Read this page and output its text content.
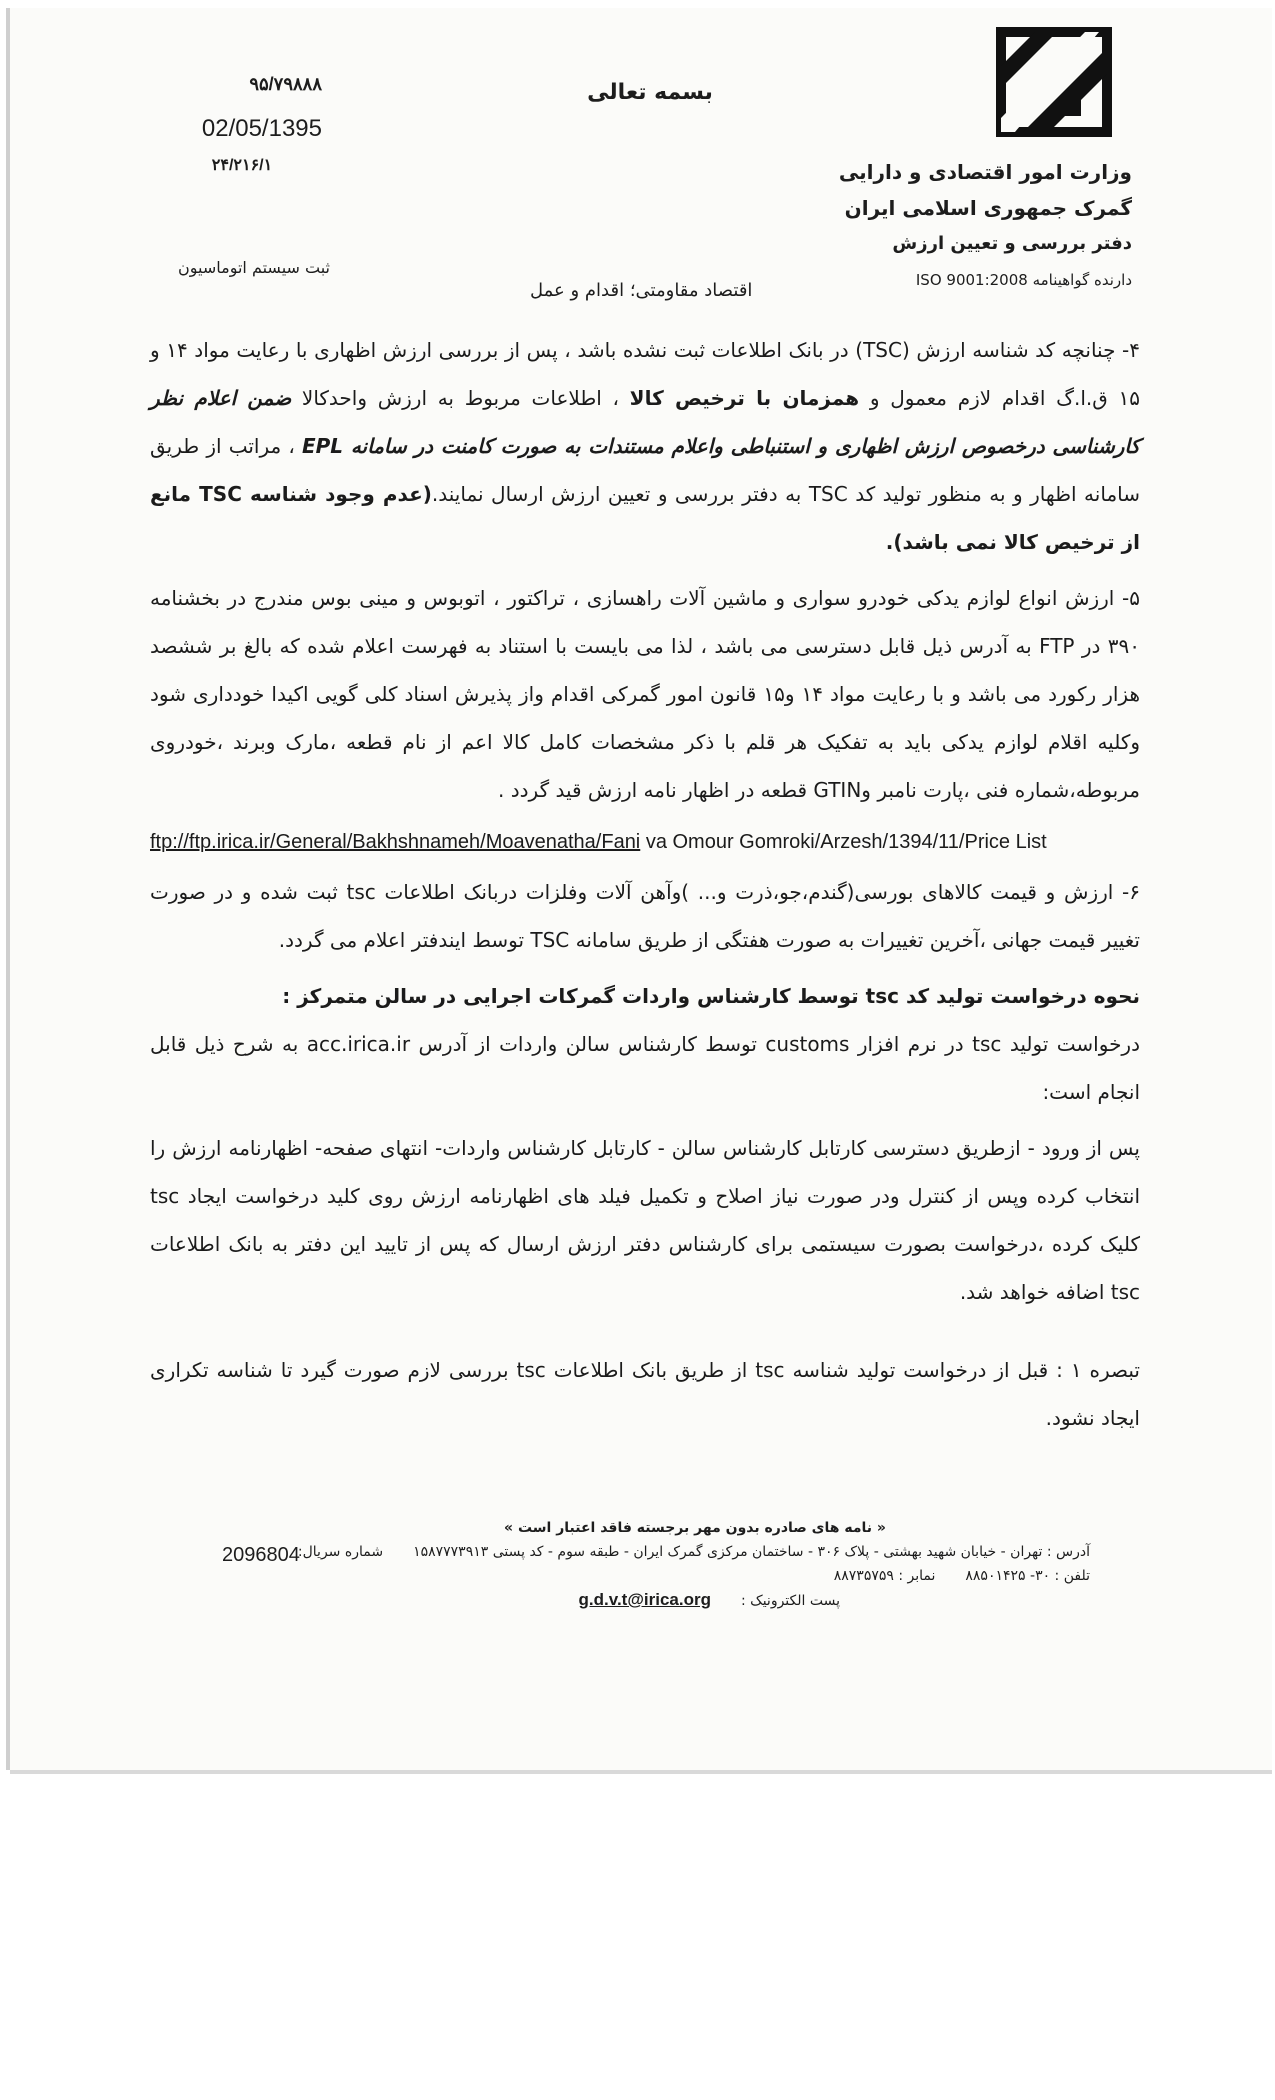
بسمه تعالی
۹۵/۷۹۸۸۸
02/05/1395
۲۴/۲۱۶/۱
ثبت سیستم اتوماسیون
وزارت امور اقتصادی و دارایی
گمرک جمهوری اسلامی ایران
دفتر بررسی و تعیین ارزش
دارنده گواهینامه ISO 9001:2008
اقتصاد مقاومتی؛ اقدام و عمل

۴- چنانچه کد شناسه ارزش (TSC) در بانک اطلاعات ثبت نشده باشد ، پس از بررسی ارزش اظهاری با رعایت مواد ۱۴ و ۱۵ ق.ا.گ اقدام لازم معمول و همزمان با ترخیص کالا ، اطلاعات مربوط به ارزش واحدکالا ضمن اعلام نظر کارشناسی درخصوص ارزش اظهاری و استنباطی واعلام مستندات به صورت کامنت در سامانه EPL ، مراتب از طریق سامانه اظهار و به منظور تولید کد TSC به دفتر بررسی و تعیین ارزش ارسال نمایند.(عدم وجود شناسه TSC مانع از ترخیص کالا نمی باشد).

۵- ارزش انواع لوازم یدکی خودرو سواری و ماشین آلات راهسازی ، تراکتور ، اتوبوس و مینی بوس مندرج در بخشنامه ۳۹۰ در FTP به آدرس ذیل قابل دسترسی می باشد ، لذا می بایست با استناد به فهرست اعلام شده که بالغ بر ششصد هزار رکورد می باشد و با رعایت مواد ۱۴ و۱۵ قانون امور گمرکی اقدام واز پذیرش اسناد کلی گویی اکیدا خودداری شود وکلیه اقلام لوازم یدکی باید به تفکیک هر قلم با ذکر مشخصات کامل کالا اعم از نام قطعه ،مارک وبرند ،خودروی مربوطه،شماره فنی ،پارت نامبر وGTIN قطعه در اظهار نامه ارزش قید گردد .

ftp://ftp.irica.ir/General/Bakhshnameh/Moavenatha/Fani va Omour Gomroki/Arzesh/1394/11/Price List

۶- ارزش و قیمت کالاهای بورسی(گندم،جو،ذرت و... )وآهن آلات وفلزات دربانک اطلاعات tsc ثبت شده و در صورت تغییر قیمت جهانی ،آخرین تغییرات به صورت هفتگی از طریق سامانه TSC توسط ایندفتر اعلام می گردد.

نحوه درخواست تولید کد tsc توسط کارشناس واردات گمرکات اجرایی در سالن متمرکز :

درخواست تولید tsc در نرم افزار customs توسط کارشناس سالن واردات از آدرس acc.irica.ir به شرح ذیل قابل انجام است:

پس از ورود - ازطریق دسترسی کارتابل کارشناس سالن - کارتابل کارشناس واردات- انتهای صفحه- اظهارنامه ارزش را انتخاب کرده وپس از کنترل ودر صورت نیاز اصلاح و تکمیل فیلد های اظهارنامه ارزش روی کلید درخواست ایجاد tsc کلیک کرده ،درخواست بصورت سیستمی برای کارشناس دفتر ارزش ارسال که پس از تایید این دفتر به بانک اطلاعات tsc اضافه خواهد شد.

تبصره ۱ : قبل از درخواست تولید شناسه tsc از طریق بانک اطلاعات tsc بررسی لازم صورت گیرد تا شناسه تکراری ایجاد نشود.

« نامه های صادره بدون مهر برجسته فاقد اعتبار است »
آدرس : تهران - خیابان شهید بهشتی - پلاک ۳۰۶ - ساختمان مرکزی گمرک ایران - طبقه سوم - کد پستی ۱۵۸۷۷۷۳۹۱۳
شماره سریال:
تلفن : ۳۰- ۸۸۵۰۱۴۲۵
نمابر : ۸۸۷۳۵۷۵۹
پست الکترونیک :
g.d.v.t@irica.org
2096804
